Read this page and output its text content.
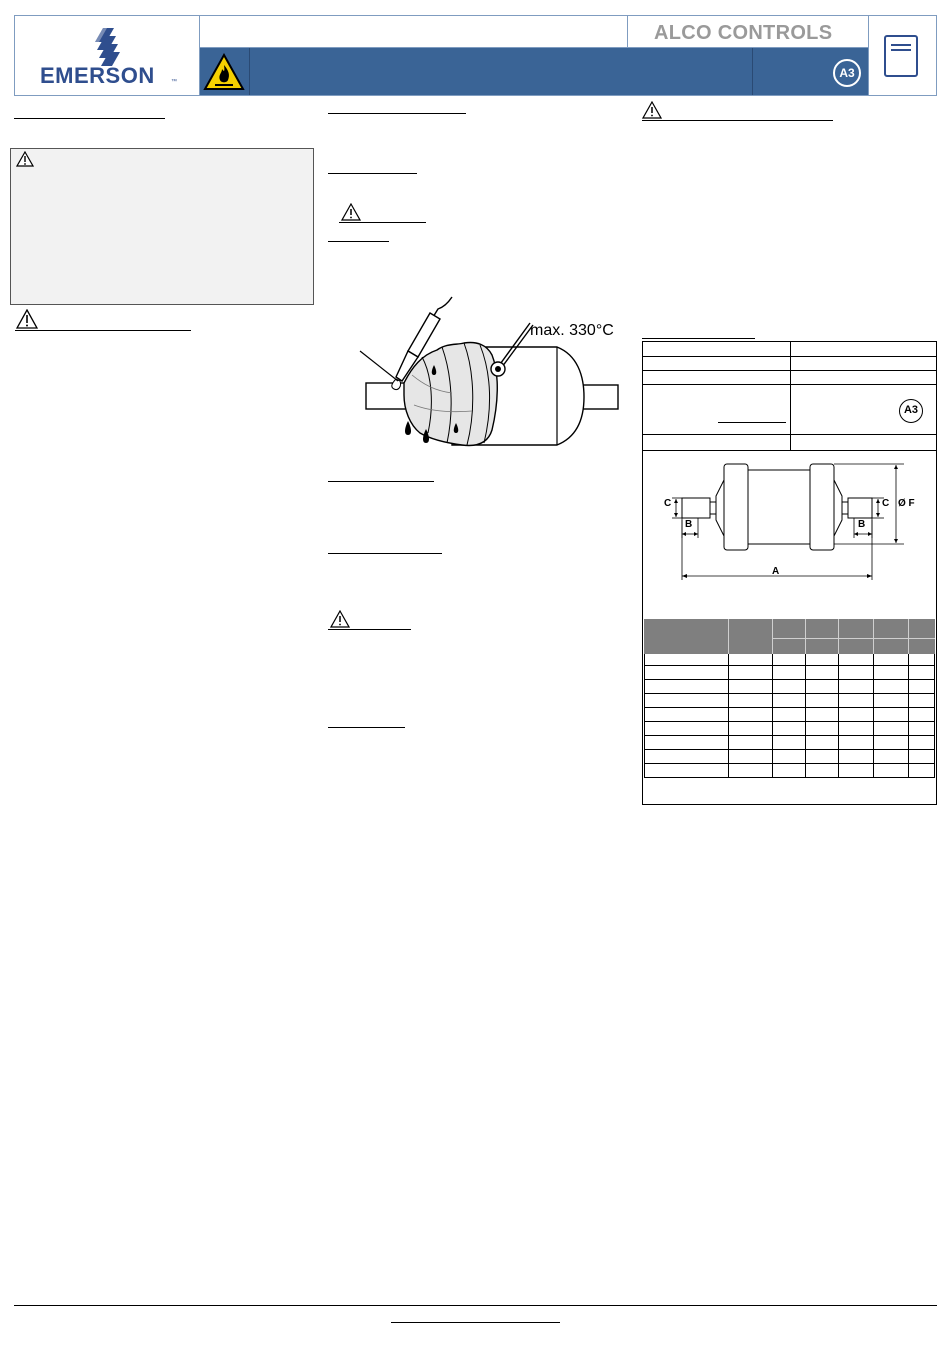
EMERSON	™
ALCO CONTROLS
A3
max. 330°C
A3
C	C Ø F
B	B
A
